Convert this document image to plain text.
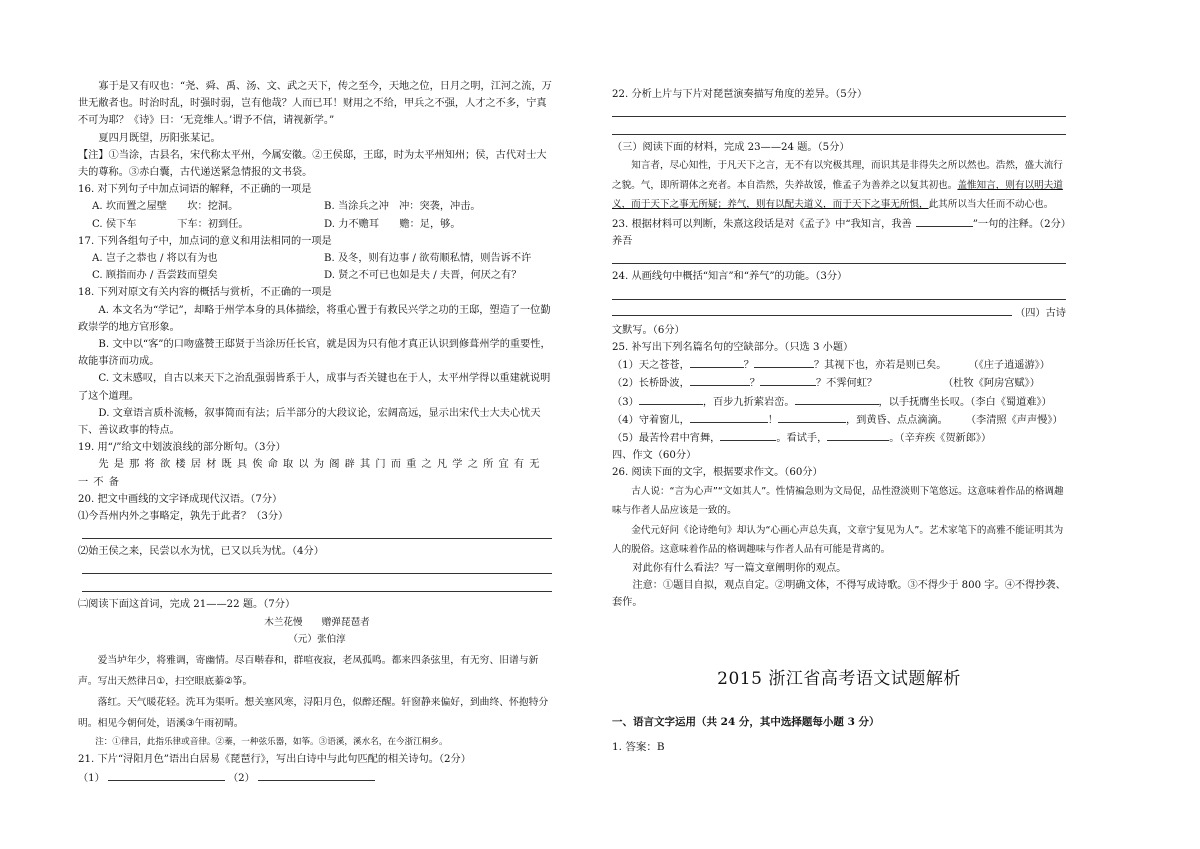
寡于是又有叹也：“尧、舜、禹、汤、文、武之天下，传之至今，天地之位，日月之明，江河之流，万世无敝者也。时治时乱，时强时弱，岂有他哉？人而已耳！财用之不给，甲兵之不强，人才之不多，宁真不可为耶？《诗》曰：‘无竞维人。’谓予不信，请视新学。”

夏四月既望，历阳张某记。

【注】①当涂，古县名，宋代称太平州，今属安徽。②王侯邸，王邸，时为太平州知州；侯，古代对士大夫的尊称。③赤白囊，古代递送紧急情报的文书袋。

16. 对下列句子中加点词语的解释，不正确的一项是

A. 坎而置之屋壁　　坎：挖洞。	B. 当涂兵之冲　冲：突袭，冲击。
C. 侯下车　　　　下车：初到任。	D. 力不赡耳　　赡：足，够。

17. 下列各组句子中，加点词的意义和用法相同的一项是

A. 岂子之恭也 / 将以有为也	B. 及冬，则有边事 / 欲苟顺私情，则告诉不许
C. 顾指而办 / 吾尝跂而望矣	D. 贤之不可已也如是夫 / 夫晋，何厌之有？

18. 下列对原文有关内容的概括与赏析，不正确的一项是

A. 本文名为“学记”，却略于州学本身的具体描绘，将重心置于有救民兴学之功的王邸，塑造了一位勤政崇学的地方官形象。

B. 文中以“客”的口吻盛赞王邸贤于当涂历任长官，就是因为只有他才真正认识到修葺州学的重要性，故能事济而功成。

C. 文末感叹，自古以来天下之治乱强弱皆系于人，成事与否关键也在于人，太平州学得以重建就说明了这个道理。

D. 文章语言质朴流畅，叙事简而有法；后半部分的大段议论，宏阔高远，显示出宋代士大夫心忧天下、善议政事的特点。

19. 用“/”给文中划波浪线的部分断句。（3分）

先是那将欲楼居材既具俟命取以为阁辟其门而重之凡学之所宜有无一不备

20. 把文中画线的文字译成现代汉语。（7分）

⑴今吾州内外之事略定，孰先于此者？（3分）

⑵始王侯之来，民尝以水为忧，已又以兵为忧。（4分）

㈡阅读下面这首词，完成 21——22 题。（7分）

木兰花慢　　赠弹琵琶者

（元）张伯淳

爱当垆年少，将雅调，寄幽情。尽百啭春和，群喧夜寂，老凤孤鸣。都来四条弦里，有无穷、旧谱与新

声。写出天然律吕①，扫空眼底蓁②筝。

落红。天气暖花轻。洗耳为渠听。想关塞风寒，浔阳月色，似醉还醒。轩窗静来偏好，到曲终、怀抱特分

明。相见今朝何处，语溪③午雨初晴。

注：①律吕，此指乐律或音律。②蓁，一种弦乐器，如筝。③语溪，溪水名，在今浙江桐乡。

21. 下片“浔阳月色”语出白居易《琵琶行》，写出白诗中与此句匹配的相关诗句。（2分）

（1）	（2）

22. 分析上片与下片对琵琶演奏描写角度的差异。（5分）

（三）阅读下面的材料，完成 23——24 题。（5分）

知言者，尽心知性，于凡天下之言，无不有以究极其理，而识其是非得失之所以然也。浩然，盛大流行之貌。气，即所谓体之充者。本自浩然，失养故馁，惟孟子为善养之以复其初也。盖惟知言，则有以明夫道义，而于天下之事无所疑；养气，则有以配夫道义，而于天下之事无所惧，此其所以当大任而不动心也。

23. 根据材料可以判断，朱熹这段话是对《孟子》中“我知言，我善养吾
”一句的注释。（2分）

24. 从画线句中概括“知言”和“养气”的功能。（3分）

（四）古诗

文默写。（6分）

25. 补写出下列名篇名句的空缺部分。（只选 3 小题）

（1）天之苍苍，	？	？其视下也，亦若是则已矣。 （《庄子逍遥游》）
（2）长桥卧波，	？	？不霁何虹？	（杜牧《阿房宫赋》）
（3）	，百步九折萦岩峦。	，以手抚膺坐长叹。（李白《蜀道难》）
（4）守着窗儿，	！	，到黄昏、点点滴滴。 （李清照《声声慢》）
（5）最苦怜君中宵舞，	。看试手，	。（辛弃疾《贺新郎》）

四、作文（60分）

26. 阅读下面的文字，根据要求作文。（60分）

古人说：“言为心声”“文如其人”。性情褊急则为文局促，品性澄淡则下笔悠远。这意味着作品的格调趣味与作者人品应该是一致的。

金代元好问《论诗绝句》却认为“心画心声总失真，文章宁复见为人”。艺术家笔下的高雅不能证明其为人的脱俗。这意味着作品的格调趣味与作者人品有可能是背离的。

对此你有什么看法？写一篇文章阐明你的观点。

注意：①题目自拟，观点自定。②明确文体，不得写成诗歌。③不得少于 800 字。④不得抄袭、套作。

2015 浙江省高考语文试题解析
一、语言文字运用（共 24 分，其中选择题每小题 3 分）
1. 答案：B
